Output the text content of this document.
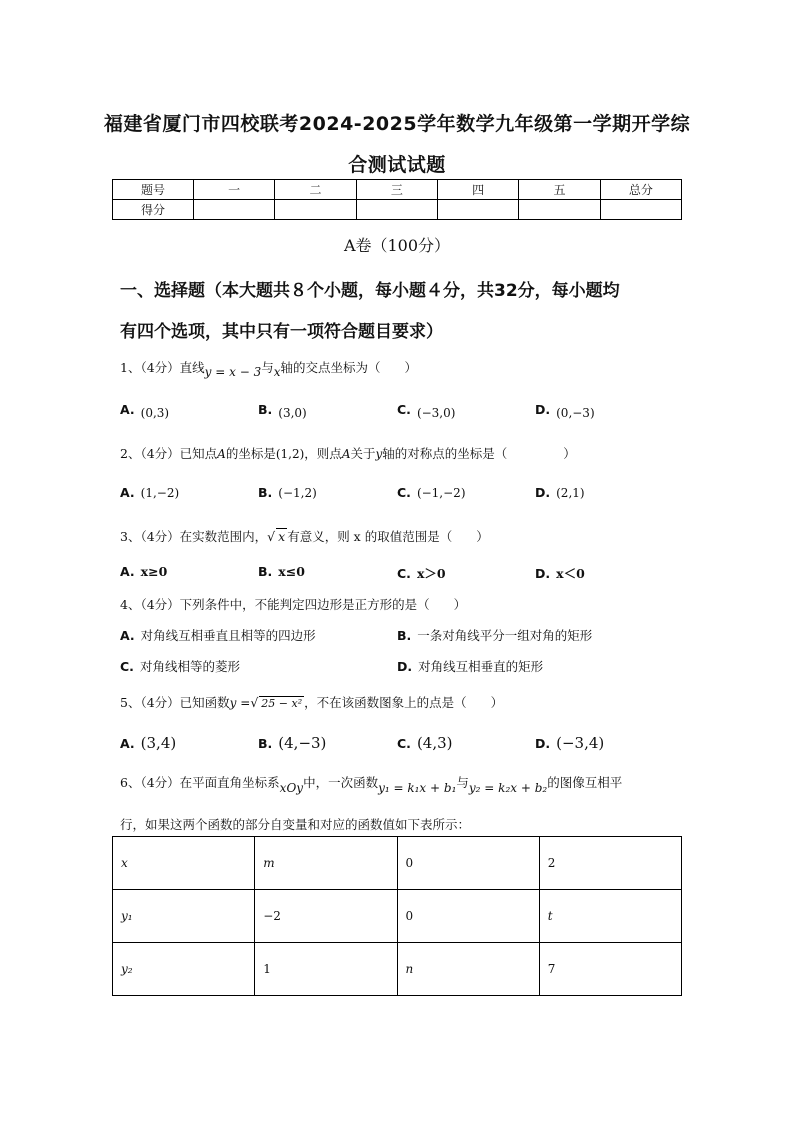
福建省厦门市四校联考2024-2025学年数学九年级第一学期开学综
合测试试题
题号	一	二	三	四	五	总分
得分						
A卷（100分）
一、选择题（本大题共８个小题，每小题４分，共32分，每小题均
有四个选项，其中只有一项符合题目要求）
1、（4分）直线y = x − 3与x轴的交点坐标为（ ）
A. (0,3)	B. (3,0)	C. (−3,0)	D. (0,−3)
2、（4分）已知点A的坐标是(1,2)，则点A关于y轴的对称点的坐标是（	）
A. (1,−2)	B. (−1,2)	C. (−1,−2)	D. (2,1)
3、（4分）在实数范围内，√ x 有意义，则 x 的取值范围是（ ）
A. x≥0	B. x≤0	C. x＞0	D. x＜0
4、（4分）下列条件中，不能判定四边形是正方形的是（ ）
A. 对角线互相垂直且相等的四边形	B. 一条对角线平分一组对角的矩形
C. 对角线相等的菱形	D. 对角线互相垂直的矩形
5、（4分）已知函数y =√ 25 − x² ，不在该函数图象上的点是（ ）
A. (3,4)	B. (4,−3)	C. (4,3)	D. (−3,4)
6、（4分）在平面直角坐标系xOy中，一次函数y₁ = k₁x + b₁与y₂ = k₂x + b₂的图像互相平
行，如果这两个函数的部分自变量和对应的函数值如下表所示：
x	m	0	2
y₁	−2	0	t
y₂	1	n	7
